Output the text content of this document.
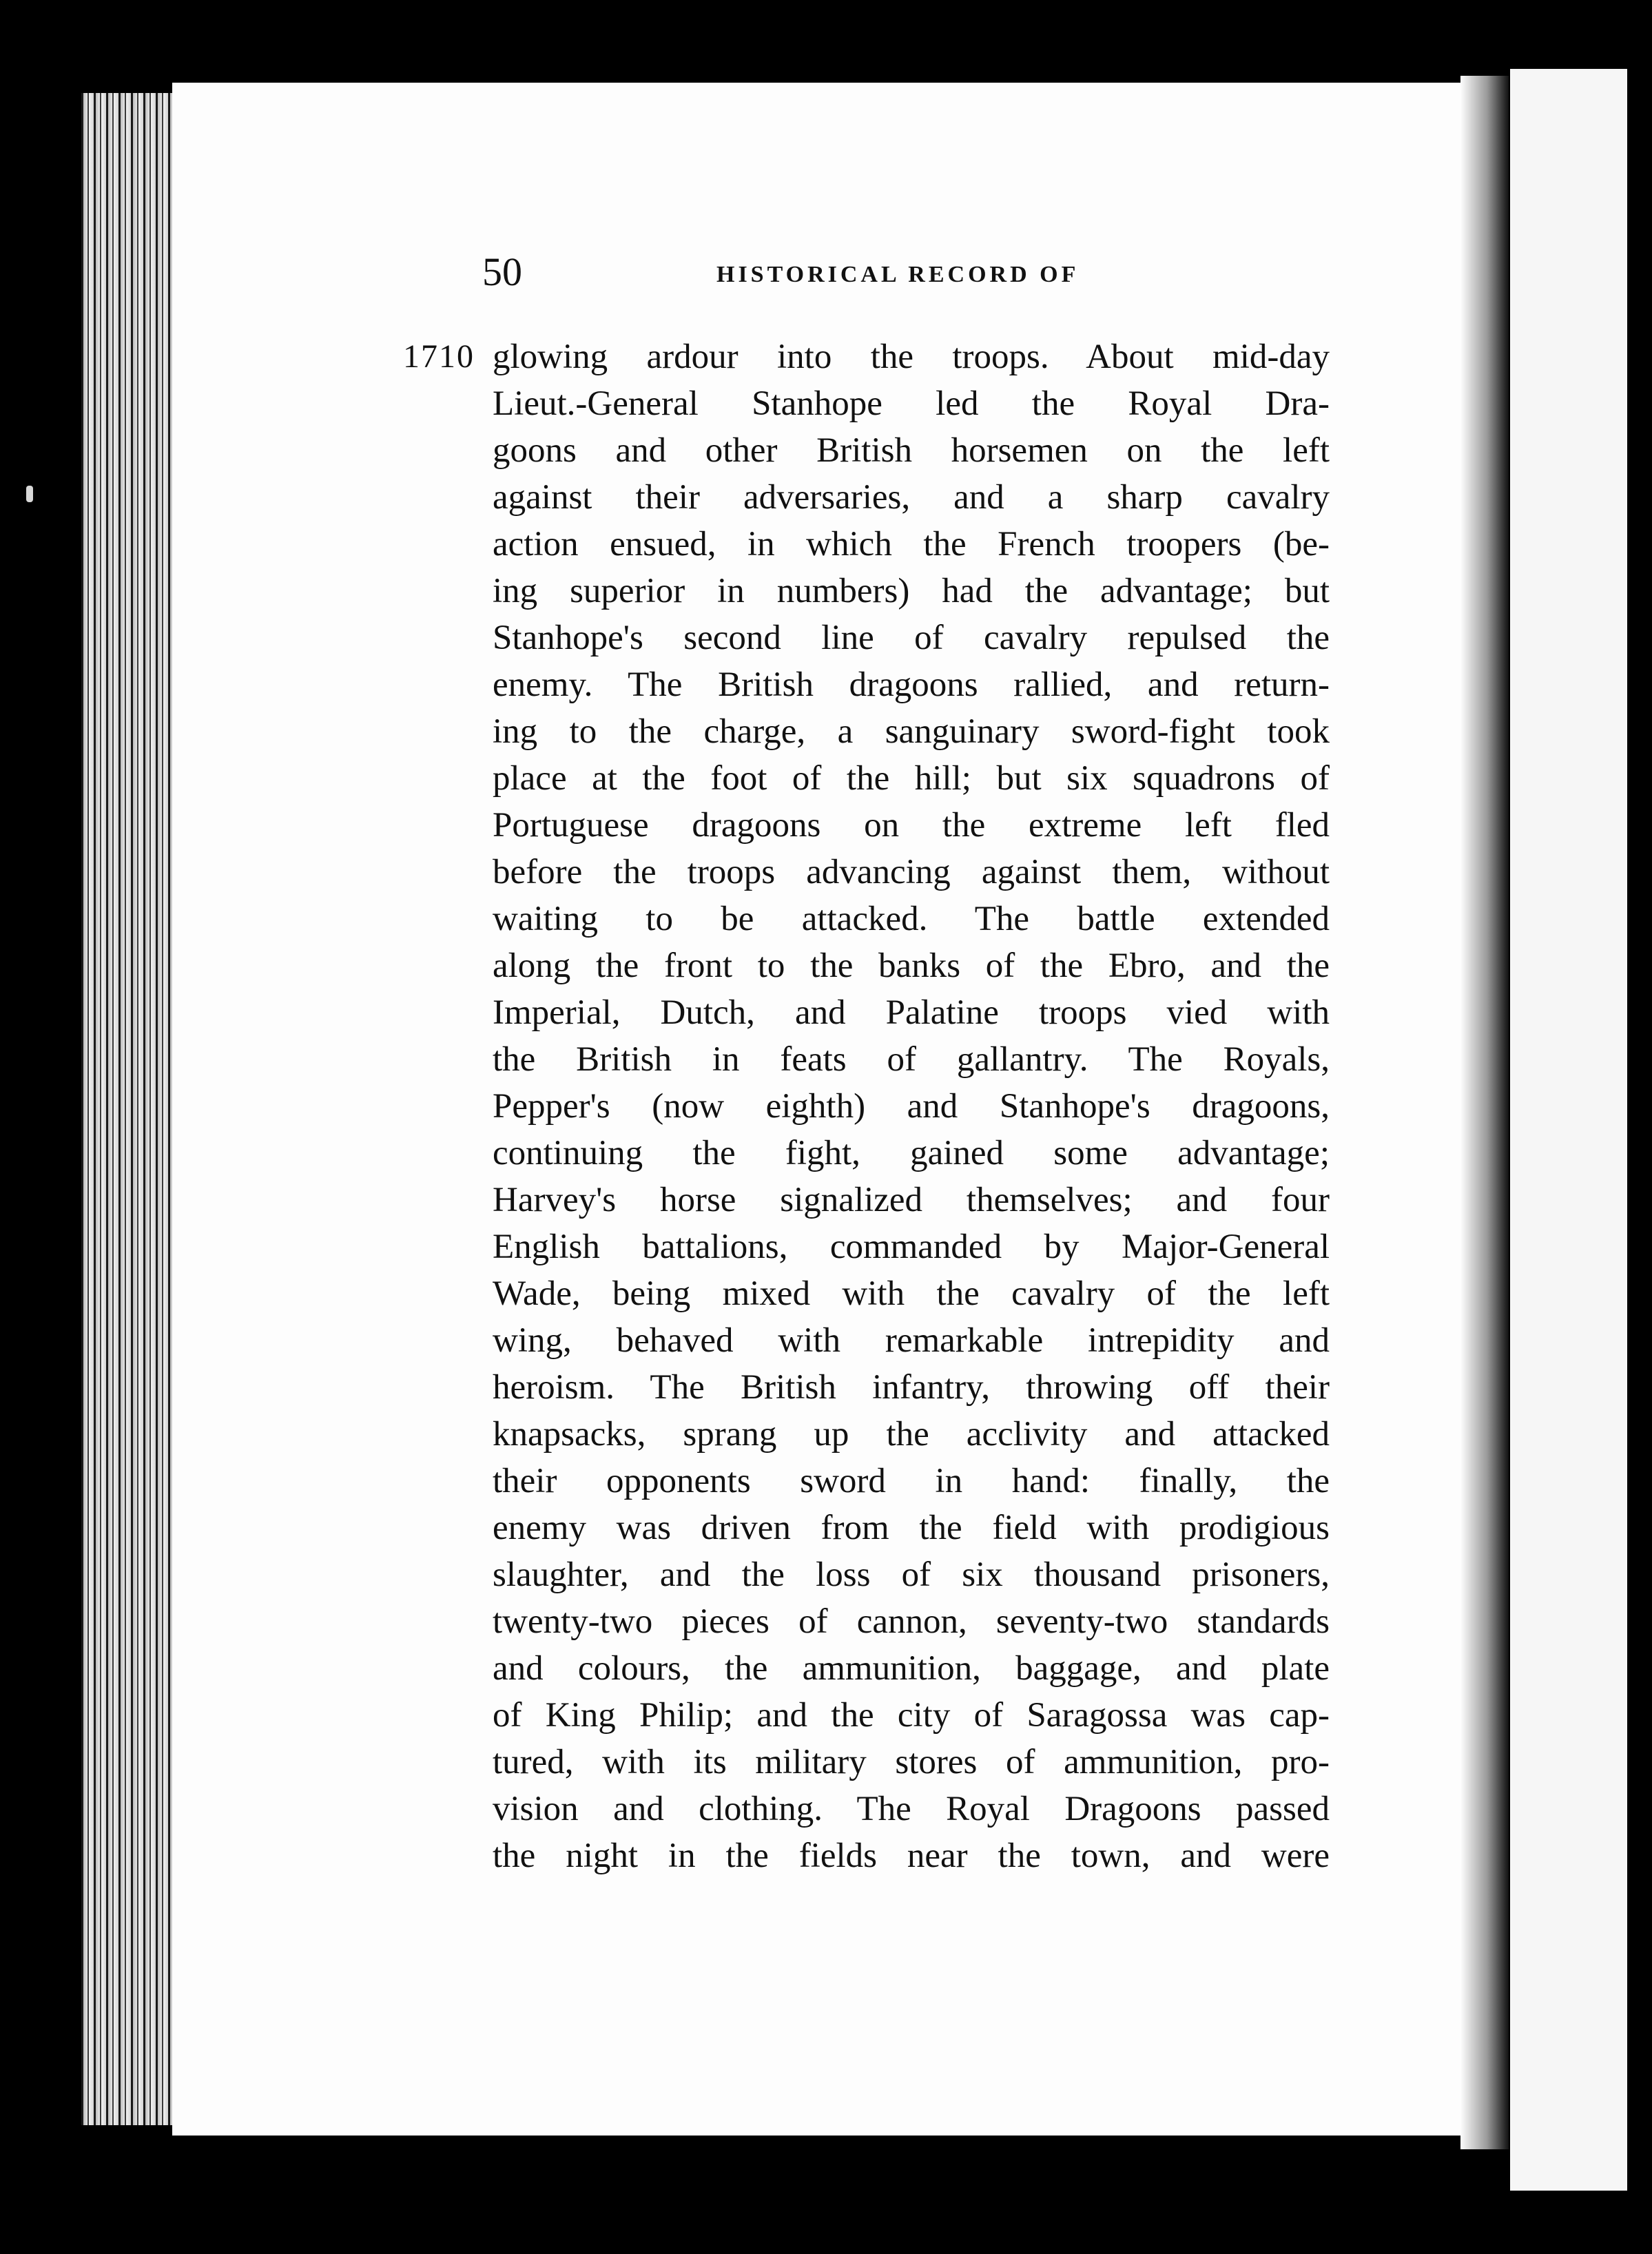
50	HISTORICAL RECORD OF
1710 glowing ardour into the troops. About mid-day
Lieut.-General Stanhope led the Royal Dra-
goons and other British horsemen on the left
against their adversaries, and a sharp cavalry
action ensued, in which the French troopers (be-
ing superior in numbers) had the advantage; but
Stanhope's second line of cavalry repulsed the
enemy. The British dragoons rallied, and return-
ing to the charge, a sanguinary sword-fight took
place at the foot of the hill; but six squadrons of
Portuguese dragoons on the extreme left fled
before the troops advancing against them, without
waiting to be attacked. The battle extended
along the front to the banks of the Ebro, and the
Imperial, Dutch, and Palatine troops vied with
the British in feats of gallantry. The Royals,
Pepper's (now eighth) and Stanhope's dragoons,
continuing the fight, gained some advantage;
Harvey's horse signalized themselves; and four
English battalions, commanded by Major-General
Wade, being mixed with the cavalry of the left
wing, behaved with remarkable intrepidity and
heroism. The British infantry, throwing off their
knapsacks, sprang up the acclivity and attacked
their opponents sword in hand: finally, the
enemy was driven from the field with prodigious
slaughter, and the loss of six thousand prisoners,
twenty-two pieces of cannon, seventy-two standards
and colours, the ammunition, baggage, and plate
of King Philip; and the city of Saragossa was cap-
tured, with its military stores of ammunition, pro-
vision and clothing. The Royal Dragoons passed
the night in the fields near the town, and were
